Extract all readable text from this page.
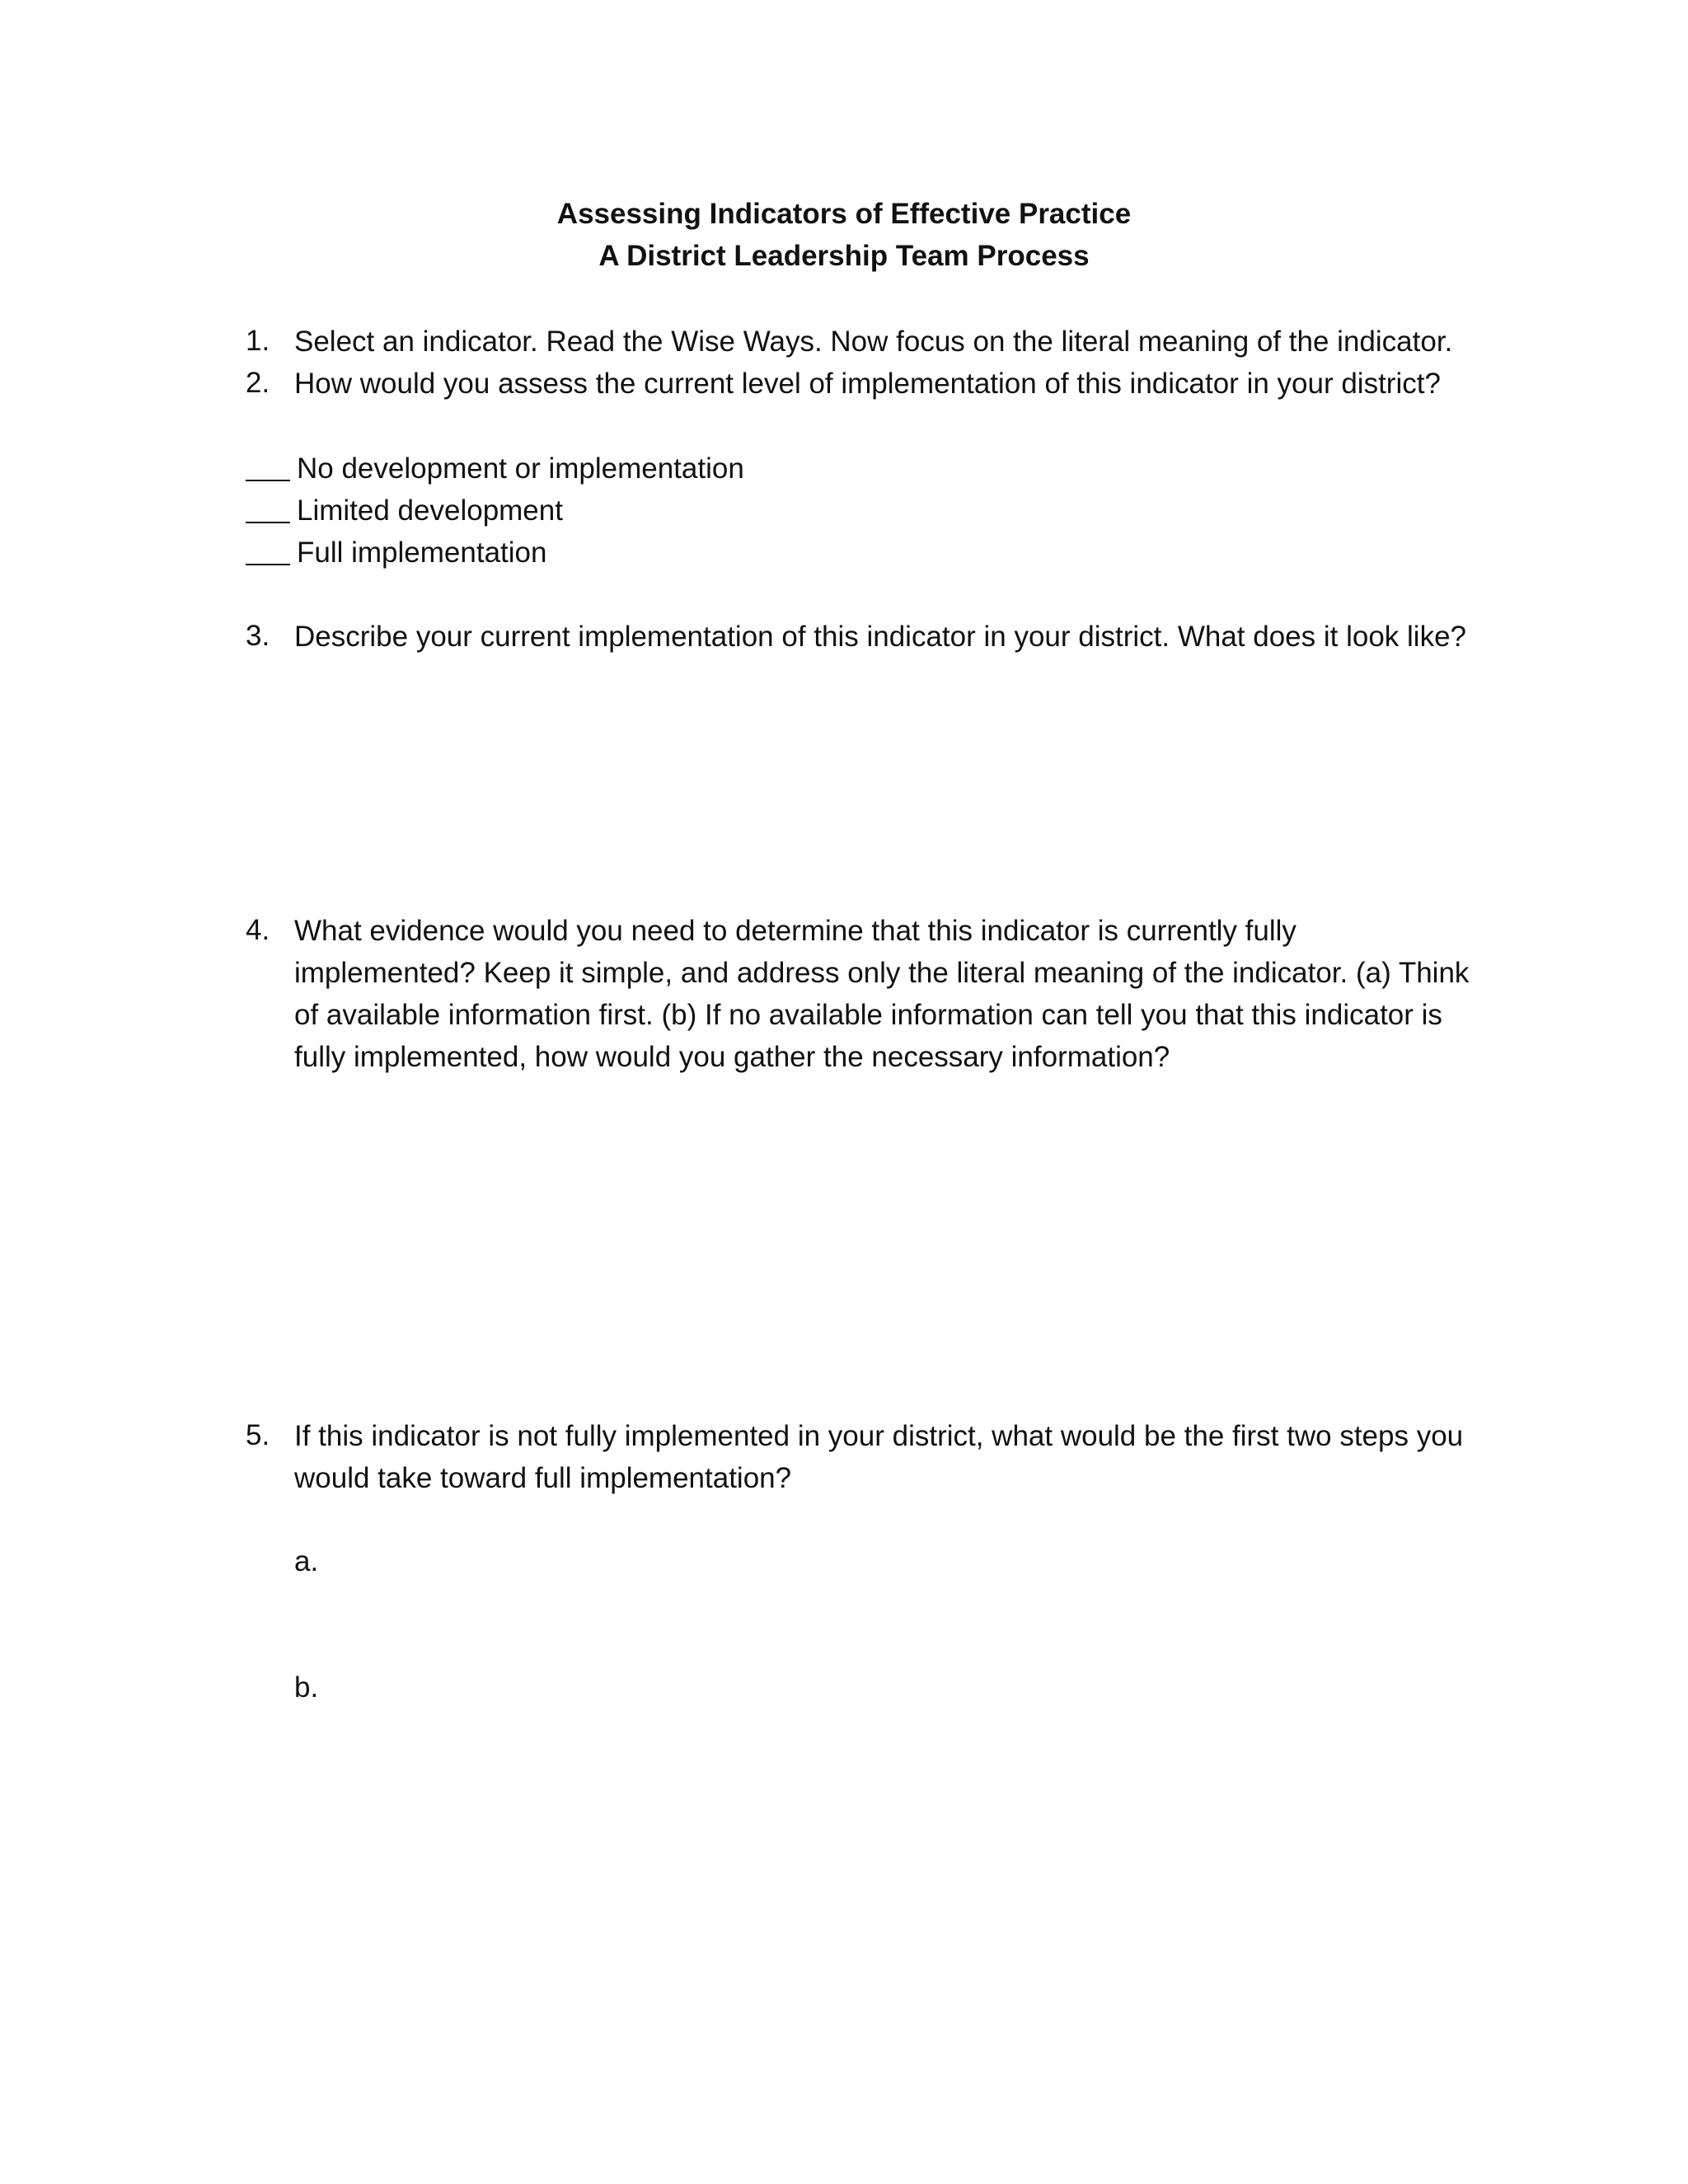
Assessing Indicators of Effective Practice
A District Leadership Team Process
1. Select an indicator. Read the Wise Ways. Now focus on the literal meaning of the indicator.
2. How would you assess the current level of implementation of this indicator in your district?
No development or implementation
Limited development
Full implementation
3. Describe your current implementation of this indicator in your district. What does it look like?
4. What evidence would you need to determine that this indicator is currently fully implemented? Keep it simple, and address only the literal meaning of the indicator. (a) Think of available information first. (b) If no available information can tell you that this indicator is fully implemented, how would you gather the necessary information?
5. If this indicator is not fully implemented in your district, what would be the first two steps you would take toward full implementation?
a.
b.
